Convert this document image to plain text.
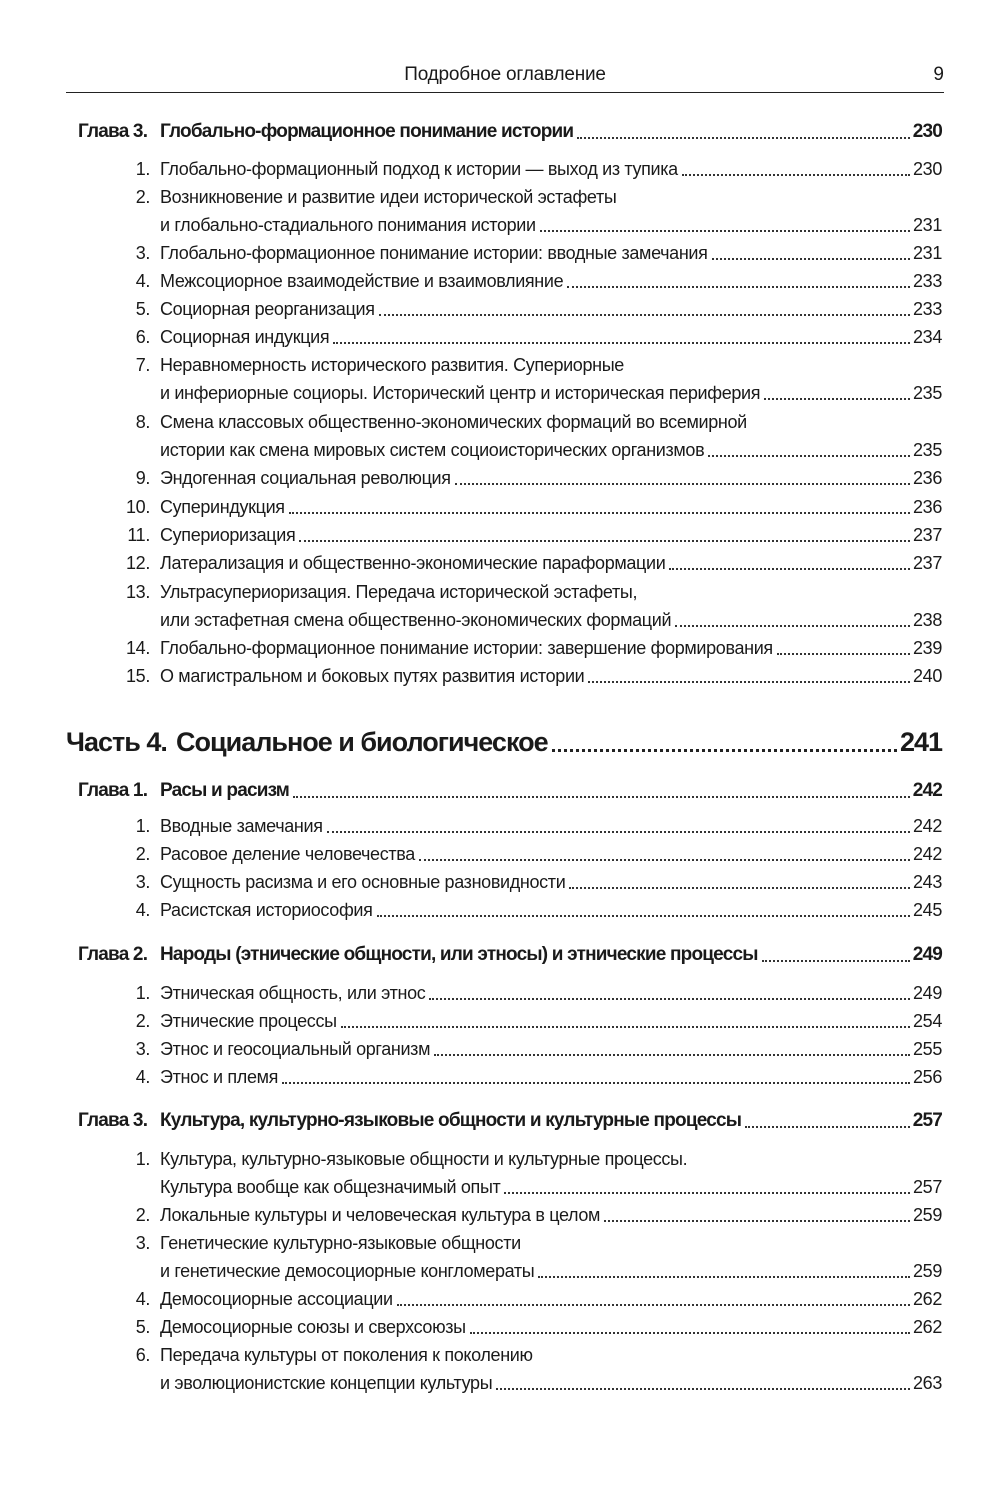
Подробное оглавление	9
Глава 3. Глобально-формационное понимание истории	230
1. Глобально-формационный подход к истории — выход из тупика	230
2. Возникновение и развитие идеи исторической эстафеты
и глобально-стадиального понимания истории	231
3. Глобально-формационное понимание истории: вводные замечания	231
4. Межсоциорное взаимодействие и взаимовлияние	233
5. Социорная реорганизация	233
6. Социорная индукция	234
7. Неравномерность исторического развития. Супериорные
и инфериорные социоры. Исторический центр и историческая периферия	235
8. Смена классовых общественно-экономических формаций во всемирной
истории как смена мировых систем социоисторических организмов	235
9. Эндогенная социальная революция	236
10. Супериндукция	236
11. Супериоризация	237
12. Латерализация и общественно-экономические параформации	237
13. Ультрасупериоризация. Передача исторической эстафеты,
или эстафетная смена общественно-экономических формаций	238
14. Глобально-формационное понимание истории: завершение формирования	239
15. О магистральном и боковых путях развития истории	240
Часть 4. Социальное и биологическое	241
Глава 1. Расы и расизм	242
1. Вводные замечания	242
2. Расовое деление человечества	242
3. Сущность расизма и его основные разновидности	243
4. Расистская историософия	245
Глава 2. Народы (этнические общности, или этносы) и этнические процессы	249
1. Этническая общность, или этнос	249
2. Этнические процессы	254
3. Этнос и геосоциальный организм	255
4. Этнос и племя	256
Глава 3. Культура, культурно-языковые общности и культурные процессы	257
1. Культура, культурно-языковые общности и культурные процессы.
Культура вообще как общезначимый опыт	257
2. Локальные культуры и человеческая культура в целом	259
3. Генетические культурно-языковые общности
и генетические демосоциорные конгломераты	259
4. Демосоциорные ассоциации	262
5. Демосоциорные союзы и сверхсоюзы	262
6. Передача культуры от поколения к поколению
и эволюционистские концепции культуры	263
